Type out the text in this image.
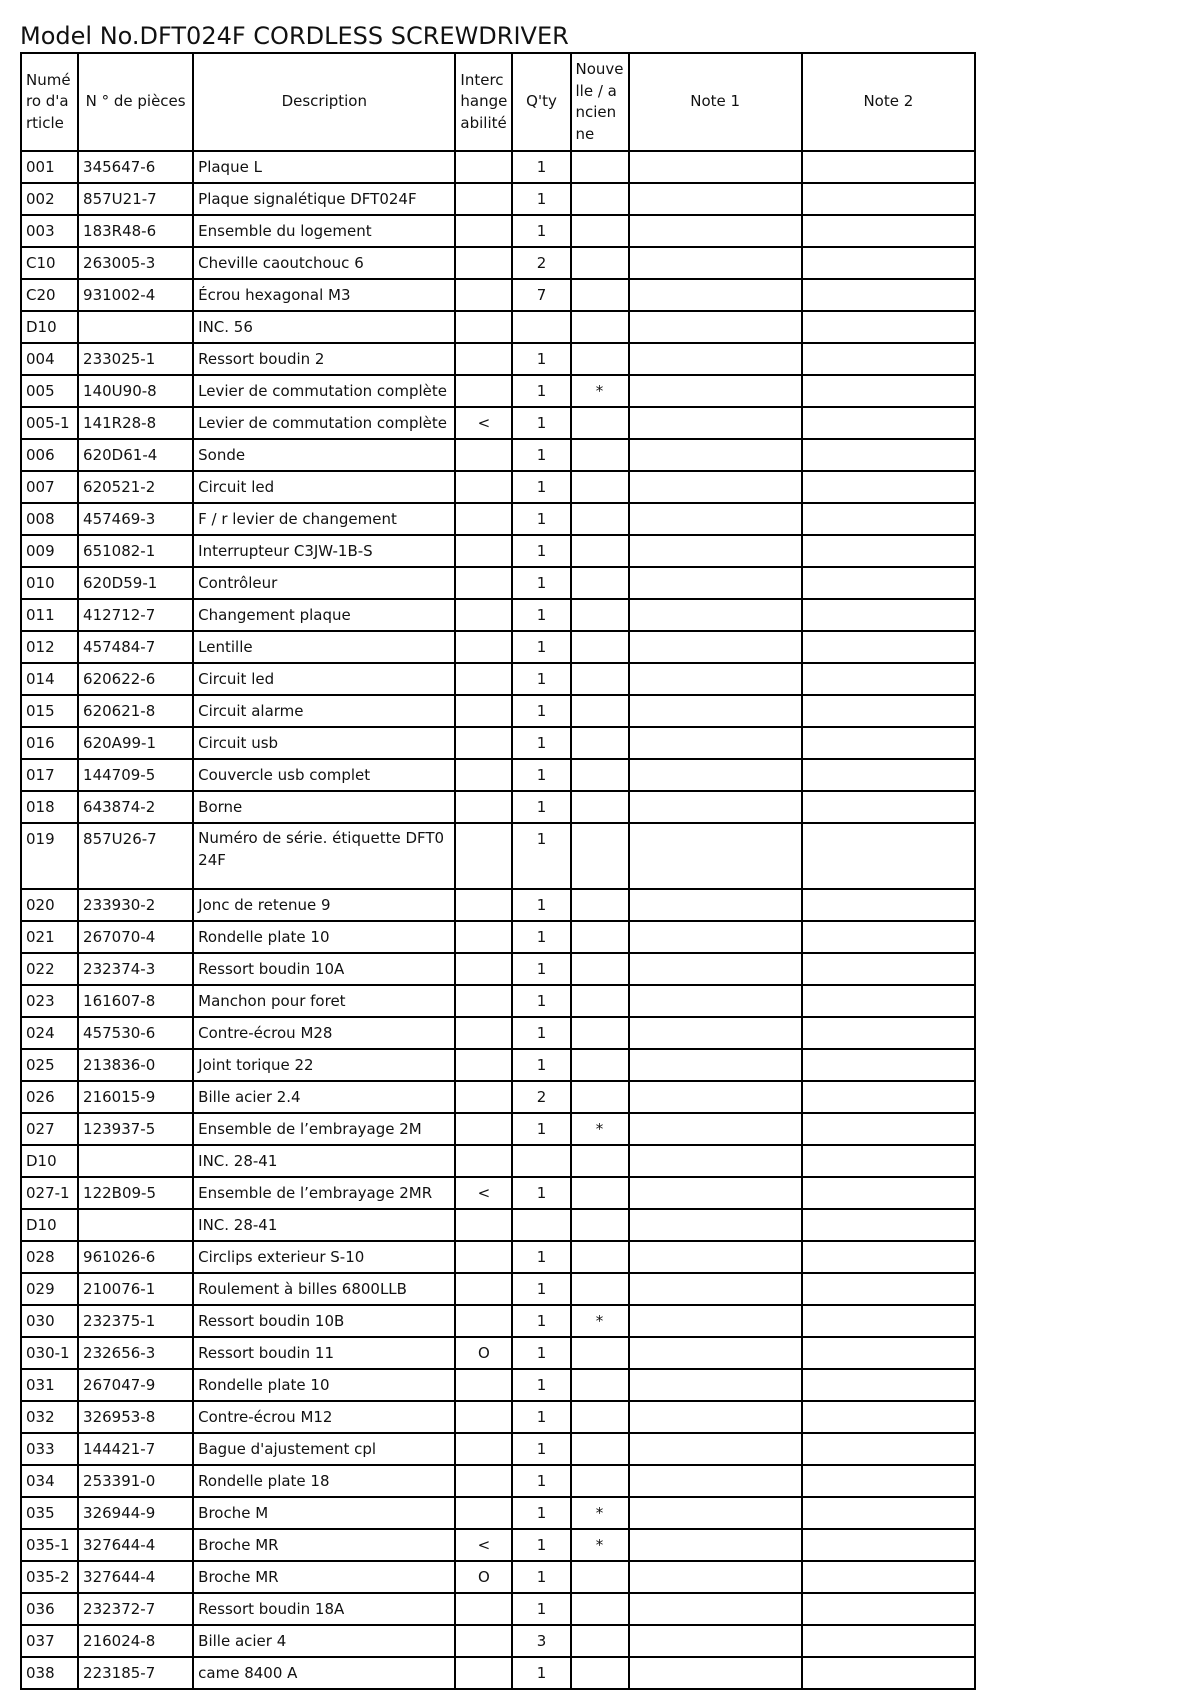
Model No.DFT024F CORDLESS SCREWDRIVER
Numéro d'article	N ° de pièces	Description	Interchangeabilité	Q'ty	Nouvelle / ancienne	Note 1	Note 2
001	345647-6	Plaque L		1			
002	857U21-7	Plaque signalétique DFT024F		1			
003	183R48-6	Ensemble du logement		1			
C10	263005-3	Cheville caoutchouc 6		2			
C20	931002-4	Écrou hexagonal M3		7			
D10		INC. 56					
004	233025-1	Ressort boudin 2		1			
005	140U90-8	Levier de commutation complète		1	*		
005-1	141R28-8	Levier de commutation complète	<	1			
006	620D61-4	Sonde		1			
007	620521-2	Circuit led		1			
008	457469-3	F / r levier de changement		1			
009	651082-1	Interrupteur C3JW-1B-S		1			
010	620D59-1	Contrôleur		1			
011	412712-7	Changement plaque		1			
012	457484-7	Lentille		1			
014	620622-6	Circuit led		1			
015	620621-8	Circuit alarme		1			
016	620A99-1	Circuit usb		1			
017	144709-5	Couvercle usb complet		1			
018	643874-2	Borne		1			
019	857U26-7	Numéro de série. étiquette DFT024F		1			
020	233930-2	Jonc de retenue 9		1			
021	267070-4	Rondelle plate 10		1			
022	232374-3	Ressort boudin 10A		1			
023	161607-8	Manchon pour foret		1			
024	457530-6	Contre-écrou M28		1			
025	213836-0	Joint torique 22		1			
026	216015-9	Bille acier 2.4		2			
027	123937-5	Ensemble de l’embrayage 2M		1	*		
D10		INC. 28-41					
027-1	122B09-5	Ensemble de l’embrayage 2MR	<	1			
D10		INC. 28-41					
028	961026-6	Circlips exterieur S-10		1			
029	210076-1	Roulement à billes 6800LLB		1			
030	232375-1	Ressort boudin 10B		1	*		
030-1	232656-3	Ressort boudin 11	O	1			
031	267047-9	Rondelle plate 10		1			
032	326953-8	Contre-écrou M12		1			
033	144421-7	Bague d'ajustement cpl		1			
034	253391-0	Rondelle plate 18		1			
035	326944-9	Broche M		1	*		
035-1	327644-4	Broche MR	<	1	*		
035-2	327644-4	Broche MR	O	1			
036	232372-7	Ressort boudin 18A		1			
037	216024-8	Bille acier 4		3			
038	223185-7	came 8400 A		1			
